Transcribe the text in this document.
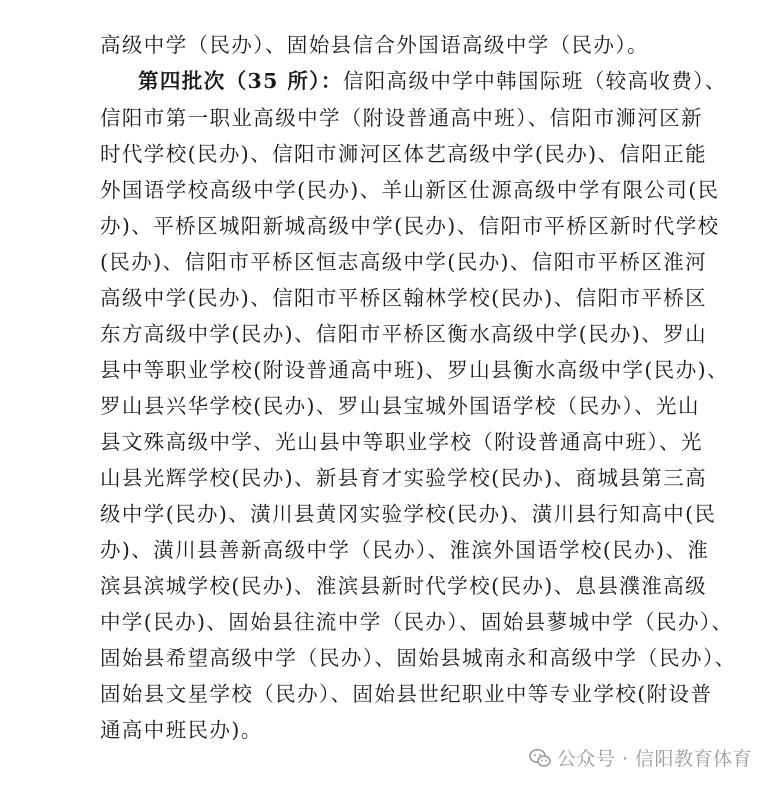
高级中学（民办）、固始县信合外国语高级中学（民办）。
第四批次（35 所）：信阳高级中学中韩国际班（较高收费）、
信阳市第一职业高级中学（附设普通高中班）、信阳市浉河区新
时代学校(民办)、信阳市浉河区体艺高级中学(民办)、信阳正能
外国语学校高级中学(民办)、羊山新区仕源高级中学有限公司(民
办)、平桥区城阳新城高级中学(民办)、信阳市平桥区新时代学校
(民办)、信阳市平桥区恒志高级中学(民办)、信阳市平桥区淮河
高级中学(民办)、信阳市平桥区翰林学校(民办)、信阳市平桥区
东方高级中学(民办)、信阳市平桥区衡水高级中学(民办)、罗山
县中等职业学校(附设普通高中班)、罗山县衡水高级中学(民办)、
罗山县兴华学校(民办)、罗山县宝城外国语学校（民办）、光山
县文殊高级中学、光山县中等职业学校（附设普通高中班）、光
山县光辉学校(民办)、新县育才实验学校(民办)、商城县第三高
级中学(民办)、潢川县黄冈实验学校(民办)、潢川县行知高中(民
办)、潢川县善新高级中学（民办）、淮滨外国语学校(民办)、淮
滨县滨城学校(民办)、淮滨县新时代学校(民办)、息县濮淮高级
中学(民办)、固始县往流中学（民办）、固始县蓼城中学（民办）、
固始县希望高级中学（民办）、固始县城南永和高级中学（民办）、
固始县文星学校（民办）、固始县世纪职业中等专业学校(附设普
通高中班民办)。
公众号 · 信阳教育体育
